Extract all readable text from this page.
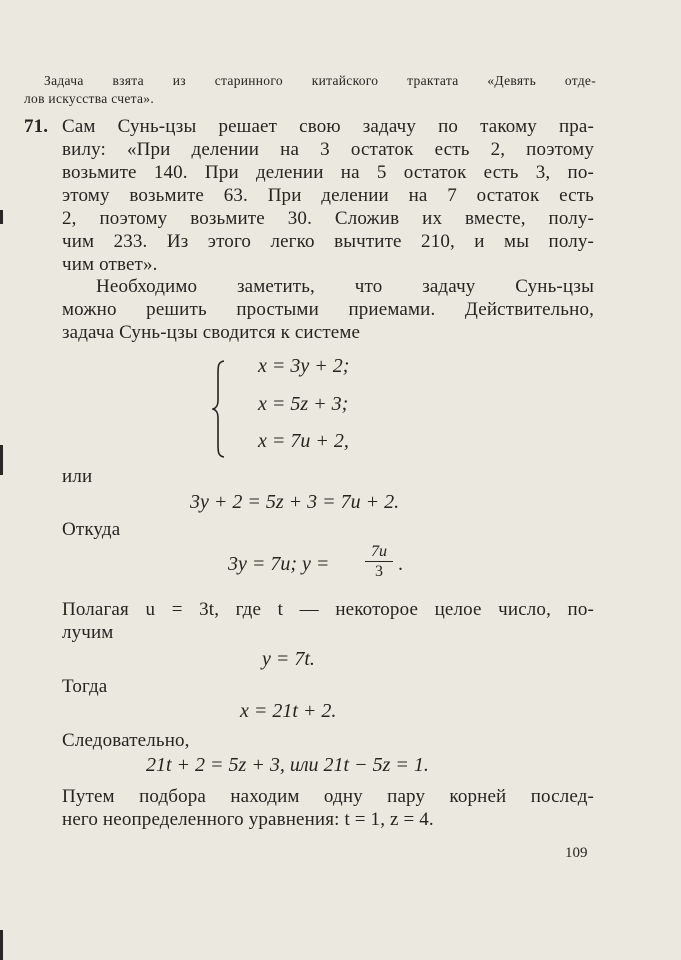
Задача взята из старинного китайского трактата «Девять отде-
лов искусства счета».
71. Сам Сунь-цзы решает свою задачу по такому пра-
вилу: «При делении на 3 остаток есть 2, поэтому
возьмите 140. При делении на 5 остаток есть 3, по-
этому возьмите 63. При делении на 7 остаток есть
2, поэтому возьмите 30. Сложив их вместе, полу-
чим 233. Из этого легко вычтите 210, и мы полу-
чим ответ».
Необходимо заметить, что задачу Сунь-цзы
можно решить простыми приемами. Действительно,
задача Сунь-цзы сводится к системе
x = 3y + 2;
x = 5z + 3;
x = 7u + 2,
или
3y + 2 = 5z + 3 = 7u + 2.
Откуда
3y = 7u; y =
7u
3 .
Полагая u = 3t, где t — некоторое целое число, по-
лучим
y = 7t.
Тогда
x = 21t + 2.
Следовательно,
21t + 2 = 5z + 3, или 21t − 5z = 1.
Путем подбора находим одну пару корней послед-
него неопределенного уравнения: t = 1, z = 4.
109
